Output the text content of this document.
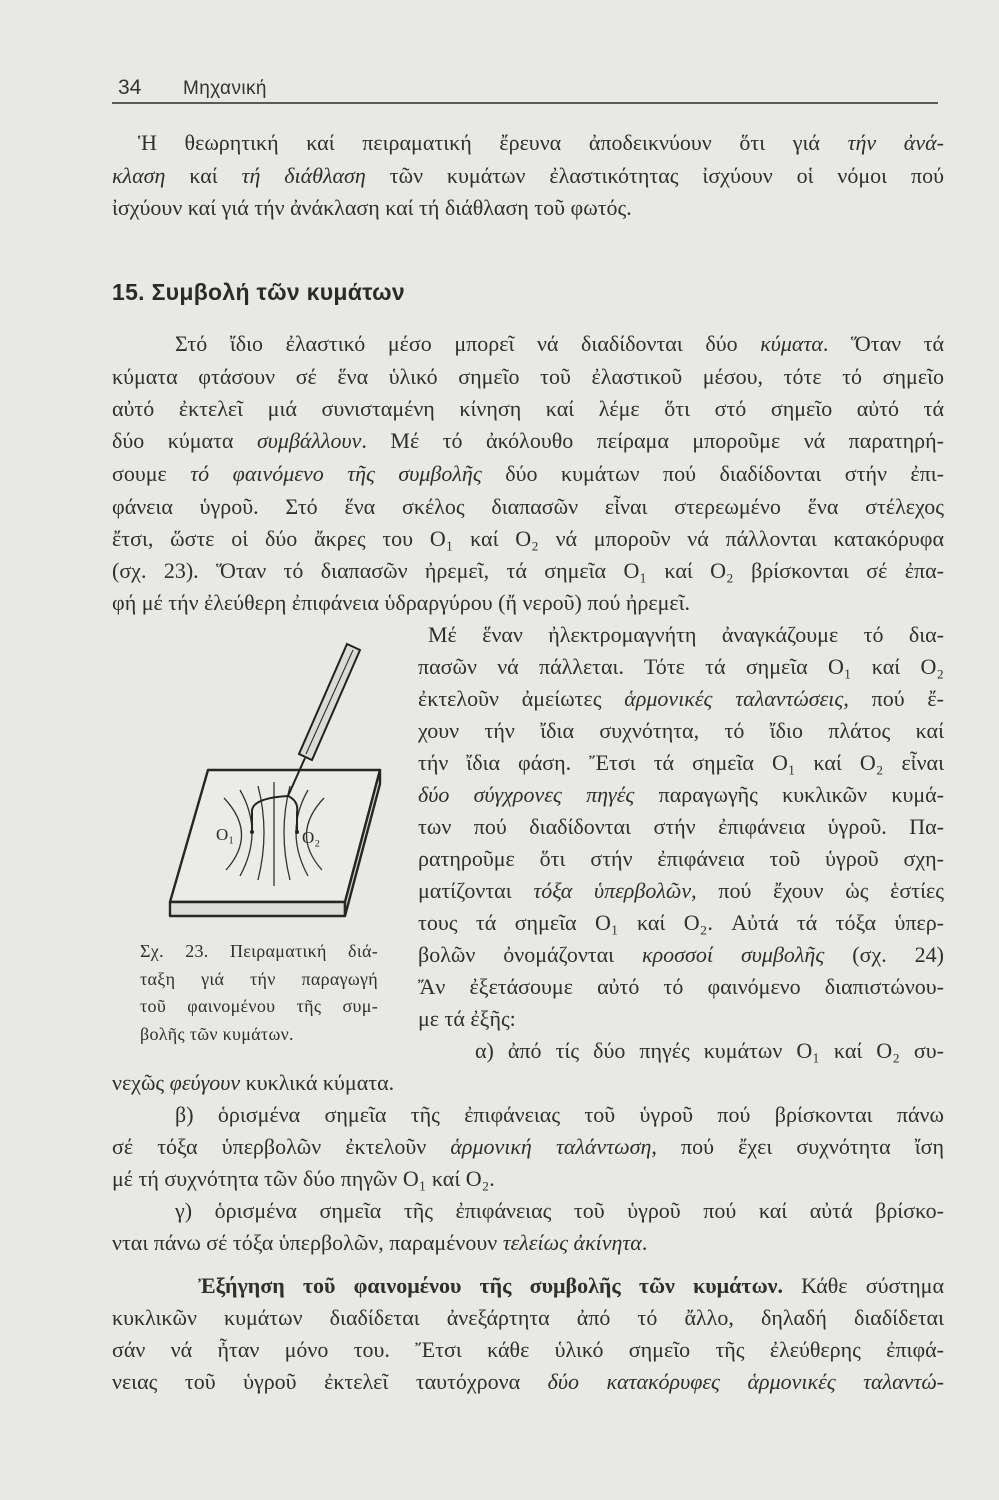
34 Μηχανική
Ἡ θεωρητική καί πειραματική ἔρευνα ἀποδεικνύουν ὅτι γιά τήν ἀνά-
κλαση καί τή διάθλαση τῶν κυμάτων ἐλαστικότητας ἰσχύουν οἱ νόμοι πού
ἰσχύουν καί γιά τήν ἀνάκλαση καί τή διάθλαση τοῦ φωτός.
15. Συμβολή τῶν κυμάτων
Στό ἴδιο ἐλαστικό μέσο μπορεῖ νά διαδίδονται δύο κύματα. Ὅταν τά
κύματα φτάσουν σέ ἕνα ὑλικό σημεῖο τοῦ ἐλαστικοῦ μέσου, τότε τό σημεῖο
αὐτό ἐκτελεῖ μιά συνισταμένη κίνηση καί λέμε ὅτι στό σημεῖο αὐτό τά
δύο κύματα συμβάλλουν. Μέ τό ἀκόλουθο πείραμα μποροῦμε νά παρατηρή-
σουμε τό φαινόμενο τῆς συμβολῆς δύο κυμάτων πού διαδίδονται στήν ἐπι-
φάνεια ὑγροῦ. Στό ἕνα σκέλος διαπασῶν εἶναι στερεωμένο ἕνα στέλεχος
ἔτσι, ὥστε οἱ δύο ἄκρες του O₁ καί O₂ νά μποροῦν νά πάλλονται κατακόρυφα
(σχ. 23). Ὅταν τό διαπασῶν ἠρεμεῖ, τά σημεῖα O₁ καί O₂ βρίσκονται σέ ἐπα-
φή μέ τήν ἐλεύθερη ἐπιφάνεια ὑδραργύρου (ἤ νεροῦ) πού ἠρεμεῖ.
Μέ ἕναν ἠλεκτρομαγνήτη ἀναγκάζουμε τό δια-
πασῶν νά πάλλεται. Τότε τά σημεῖα O₁ καί O₂
ἐκτελοῦν ἀμείωτες ἁρμονικές ταλαντώσεις, πού ἔ-
χουν τήν ἴδια συχνότητα, τό ἴδιο πλάτος καί
τήν ἴδια φάση. Ἔτσι τά σημεῖα O₁ καί O₂ εἶναι
δύο σύγχρονες πηγές παραγωγῆς κυκλικῶν κυμά-
των πού διαδίδονται στήν ἐπιφάνεια ὑγροῦ. Πα-
ρατηροῦμε ὅτι στήν ἐπιφάνεια τοῦ ὑγροῦ σχη-
ματίζονται τόξα ὑπερβολῶν, πού ἔχουν ὡς ἑστίες
τους τά σημεῖα O₁ καί O₂. Αὐτά τά τόξα ὑπερ-
βολῶν ὀνομάζονται κροσσοί συμβολῆς (σχ. 24)
Ἄν ἐξετάσουμε αὐτό τό φαινόμενο διαπιστώνου-
με τά ἐξῆς:
α) ἀπό τίς δύο πηγές κυμάτων O₁ καί O₂ συ-
O₁	O₂
Σχ. 23. Πειραματική διά-
ταξη γιά τήν παραγωγή
τοῦ φαινομένου τῆς συμ-
βολῆς τῶν κυμάτων.
νεχῶς φεύγουν κυκλικά κύματα.
β) ὁρισμένα σημεῖα τῆς ἐπιφάνειας τοῦ ὑγροῦ πού βρίσκονται πάνω
σέ τόξα ὑπερβολῶν ἐκτελοῦν ἁρμονική ταλάντωση, πού ἔχει συχνότητα ἴση
μέ τή συχνότητα τῶν δύο πηγῶν O₁ καί O₂.
γ) ὁρισμένα σημεῖα τῆς ἐπιφάνειας τοῦ ὑγροῦ πού καί αὐτά βρίσκο-
νται πάνω σέ τόξα ὑπερβολῶν, παραμένουν τελείως ἀκίνητα.
Ἐξήγηση τοῦ φαινομένου τῆς συμβολῆς τῶν κυμάτων. Κάθε σύστημα
κυκλικῶν κυμάτων διαδίδεται ἀνεξάρτητα ἀπό τό ἄλλο, δηλαδή διαδίδεται
σάν νά ἦταν μόνο του. Ἔτσι κάθε ὑλικό σημεῖο τῆς ἐλεύθερης ἐπιφά-
νειας τοῦ ὑγροῦ ἐκτελεῖ ταυτόχρονα δύο κατακόρυφες ἁρμονικές ταλαντώ-
